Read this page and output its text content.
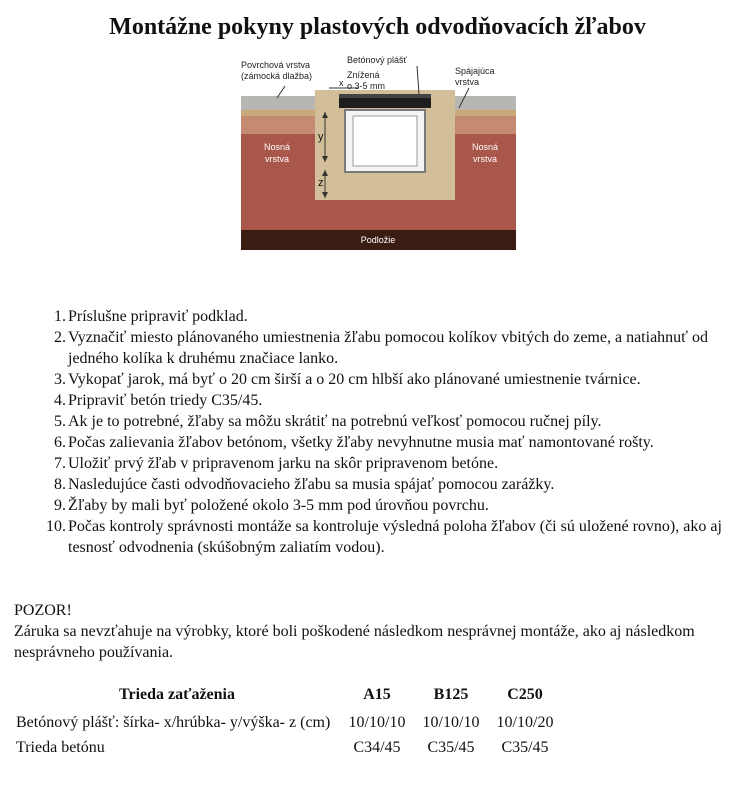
Montážne pokyny plastových odvodňovacích žľabov
Povrchová vrstva
(zámocká dlažba)
x
Betónový plášť
Znížená
o 3-5 mm
Spájajúca
vrstva
y
z
Nosná
vrstva
Nosná
vrstva
Podložie
1. Príslušne pripraviť podklad.
2. Vyznačiť miesto plánovaného umiestnenia žľabu pomocou kolíkov vbitých do zeme, a natiahnuť od jedného kolíka k druhému značiace lanko.
3. Vykopať jarok, má byť o 20 cm širší a o 20 cm hlbší ako plánované umiestnenie tvárnice.
4. Pripraviť betón triedy C35/45.
5. Ak je to potrebné, žľaby sa môžu skrátiť na potrebnú veľkosť pomocou ručnej píly.
6. Počas zalievania žľabov betónom, všetky žľaby nevyhnutne musia mať namontované rošty.
7. Uložiť prvý žľab v pripravenom jarku na skôr pripravenom betóne.
8. Nasledujúce časti odvodňovacieho žľabu sa musia spájať pomocou zarážky.
9. Žľaby by mali byť položené okolo 3-5 mm pod úrovňou povrchu.
10. Počas kontroly správnosti montáže sa kontroluje výsledná poloha žľabov (či sú uložené rovno), ako aj tesnosť odvodnenia (skúšobným zaliatím vodou).
POZOR!
Záruka sa nevzťahuje na výrobky, ktoré boli poškodené následkom nesprávnej montáže, ako aj následkom nesprávneho používania.
Trieda zaťaženia	A15	B125	C250
Betónový plášť: šírka- x/hrúbka- y/výška- z (cm)	10/10/10	10/10/10	10/10/20
Trieda betónu	C34/45	C35/45	C35/45
